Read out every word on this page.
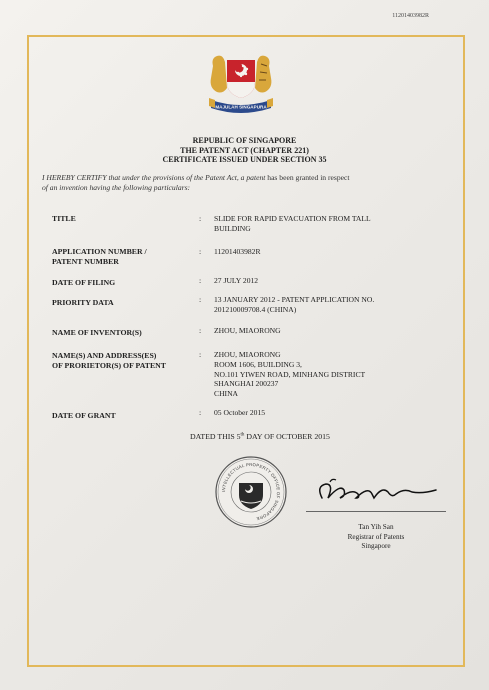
11201403982R
MAJULAH SINGAPURA
REPUBLIC OF SINGAPORE
THE PATENT ACT (CHAPTER 221)
CERTIFICATE ISSUED UNDER SECTION 35
I HEREBY CERTIFY that under the provisions of the Patent Act, a patent has been granted in respect
of an invention having the following particulars:
TITLE	: SLIDE FOR RAPID EVACUATION FROM TALL
BUILDING
APPLICATION NUMBER /
PATENT NUMBER
: 11201403982R
DATE OF FILING	: 27 JULY 2012
PRIORITY DATA	: 13 JANUARY 2012 - PATENT APPLICATION NO.
201210009708.4 (CHINA)
NAME OF INVENTOR(S)	: ZHOU, MIAORONG
NAME(S) AND ADDRESS(ES)
OF PRORIETOR(S) OF PATENT
: ZHOU, MIAORONG
ROOM 1606, BUILDING 3,
NO.101 YIWEN ROAD, MINHANG DISTRICT
SHANGHAI 200237
CHINA
DATE OF GRANT	: 05 October 2015
DATED THIS 5th DAY OF OCTOBER 2015
INTELLECTUAL PROPERTY OFFICE OF SINGAPORE
Tan Yih San
Registrar of Patents
Singapore
